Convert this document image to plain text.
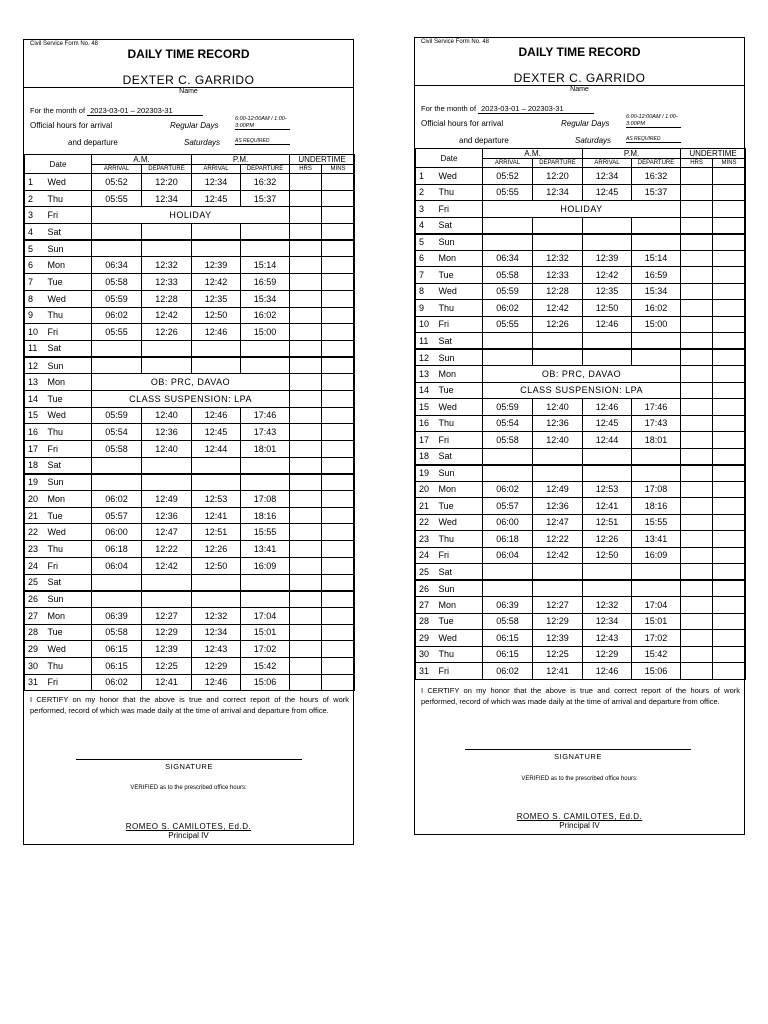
Civil Service Form No. 48
DAILY TIME RECORD
DEXTER C. GARRIDO
Name
For the month of 2023-03-01 – 202303-31
Official hours for arrival	Regular Days
6:00-12:00AM / 1:00-3:00PM
and departure	Saturdays	AS REQUIRED
Date		A.M.		P.M.		UNDERTIME	
		ARRIVAL	DEPARTURE	ARRIVAL	DEPARTURE	HRS	MINS
1	Wed	05:52	12:20	12:34	16:32		
2	Thu	05:55	12:34	12:45	15:37		
3	Fri	HOLIDAY					
4	Sat						
5	Sun						
6	Mon	06:34	12:32	12:39	15:14		
7	Tue	05:58	12:33	12:42	16:59		
8	Wed	05:59	12:28	12:35	15:34		
9	Thu	06:02	12:42	12:50	16:02		
10	Fri	05:55	12:26	12:46	15:00		
11	Sat						
12	Sun						
13	Mon	OB: PRC, DAVAO					
14	Tue	CLASS SUSPENSION: LPA					
15	Wed	05:59	12:40	12:46	17:46		
16	Thu	05:54	12:36	12:45	17:43		
17	Fri	05:58	12:40	12:44	18:01		
18	Sat						
19	Sun						
20	Mon	06:02	12:49	12:53	17:08		
21	Tue	05:57	12:36	12:41	18:16		
22	Wed	06:00	12:47	12:51	15:55		
23	Thu	06:18	12:22	12:26	13:41		
24	Fri	06:04	12:42	12:50	16:09		
25	Sat						
26	Sun						
27	Mon	06:39	12:27	12:32	17:04		
28	Tue	05:58	12:29	12:34	15:01		
29	Wed	06:15	12:39	12:43	17:02		
30	Thu	06:15	12:25	12:29	15:42		
31	Fri	06:02	12:41	12:46	15:06		
I CERTIFY on my honor that the above is true and correct report of the hours of work performed, record of which was made daily at the time of arrival and departure from office.
SIGNATURE
VERIFIED as to the prescribed office hours:
ROMEO S. CAMILOTES, Ed.D.
Principal IV
Civil Service Form No. 48
DAILY TIME RECORD
DEXTER C. GARRIDO
Name
For the month of 2023-03-01 – 202303-31
Official hours for arrival	Regular Days
6:00-12:00AM / 1:00-3:00PM
and departure	Saturdays	AS REQUIRED
Date		A.M.		P.M.		UNDERTIME	
		ARRIVAL	DEPARTURE	ARRIVAL	DEPARTURE	HRS	MINS
1	Wed	05:52	12:20	12:34	16:32		
2	Thu	05:55	12:34	12:45	15:37		
3	Fri	HOLIDAY					
4	Sat						
5	Sun						
6	Mon	06:34	12:32	12:39	15:14		
7	Tue	05:58	12:33	12:42	16:59		
8	Wed	05:59	12:28	12:35	15:34		
9	Thu	06:02	12:42	12:50	16:02		
10	Fri	05:55	12:26	12:46	15:00		
11	Sat						
12	Sun						
13	Mon	OB: PRC, DAVAO					
14	Tue	CLASS SUSPENSION: LPA					
15	Wed	05:59	12:40	12:46	17:46		
16	Thu	05:54	12:36	12:45	17:43		
17	Fri	05:58	12:40	12:44	18:01		
18	Sat						
19	Sun						
20	Mon	06:02	12:49	12:53	17:08		
21	Tue	05:57	12:36	12:41	18:16		
22	Wed	06:00	12:47	12:51	15:55		
23	Thu	06:18	12:22	12:26	13:41		
24	Fri	06:04	12:42	12:50	16:09		
25	Sat						
26	Sun						
27	Mon	06:39	12:27	12:32	17:04		
28	Tue	05:58	12:29	12:34	15:01		
29	Wed	06:15	12:39	12:43	17:02		
30	Thu	06:15	12:25	12:29	15:42		
31	Fri	06:02	12:41	12:46	15:06		
I CERTIFY on my honor that the above is true and correct report of the hours of work performed, record of which was made daily at the time of arrival and departure from office.
SIGNATURE
VERIFIED as to the prescribed office hours:
ROMEO S. CAMILOTES, Ed.D.
Principal IV
